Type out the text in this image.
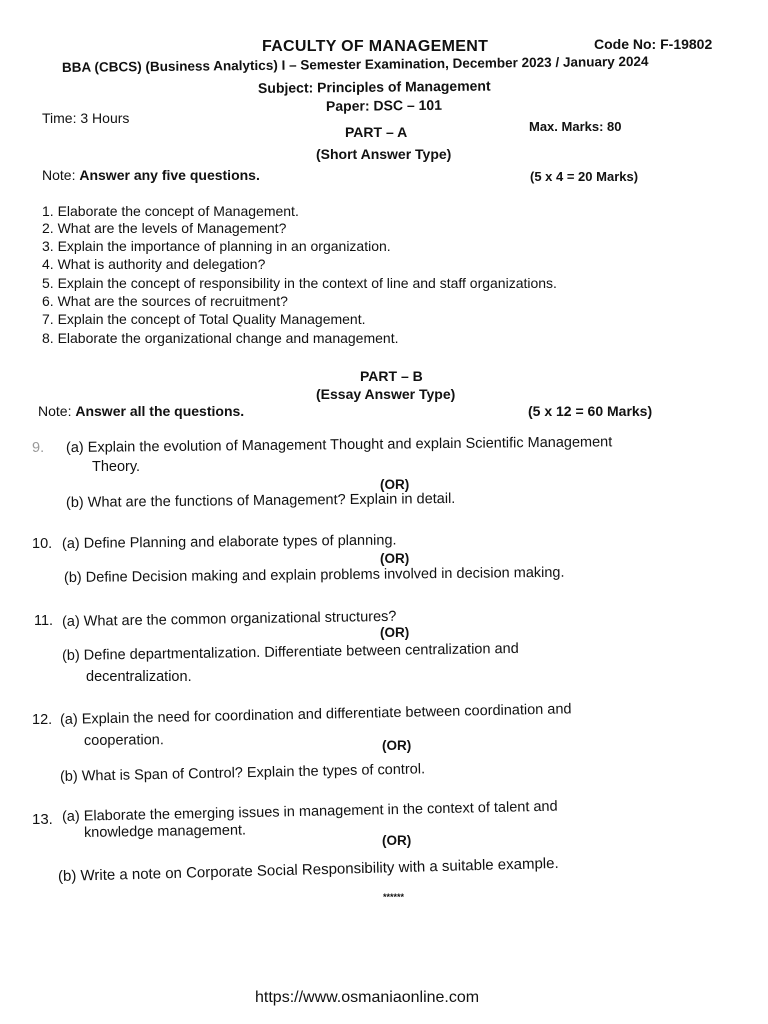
FACULTY OF MANAGEMENT	Code No: F-19802
BBA (CBCS) (Business Analytics) I – Semester Examination, December 2023 / January 2024
Subject: Principles of Management
Paper: DSC – 101
Time: 3 Hours
Max. Marks: 80
PART – A
(Short Answer Type)
Note: Answer any five questions.	(5 x 4 = 20 Marks)
1. Elaborate the concept of Management.
2. What are the levels of Management?
3. Explain the importance of planning in an organization.
4. What is authority and delegation?
5. Explain the concept of responsibility in the context of line and staff organizations.
6. What are the sources of recruitment?
7. Explain the concept of Total Quality Management.
8. Elaborate the organizational change and management.
PART – B
(Essay Answer Type)
Note: Answer all the questions.	(5 x 12 = 60 Marks)
9. (a) Explain the evolution of Management Thought and explain Scientific Management
Theory.
(OR)
(b) What are the functions of Management? Explain in detail.
10. (a) Define Planning and elaborate types of planning.
(OR)
(b) Define Decision making and explain problems involved in decision making.
11. (a) What are the common organizational structures?
(OR)
(b) Define departmentalization. Differentiate between centralization and
decentralization.
12. (a) Explain the need for coordination and differentiate between coordination and
cooperation.	(OR)
(b) What is Span of Control? Explain the types of control.
13. (a) Elaborate the emerging issues in management in the context of talent and
knowledge management.	(OR)
(b) Write a note on Corporate Social Responsibility with a suitable example.
******
https://www.osmaniaonline.com
